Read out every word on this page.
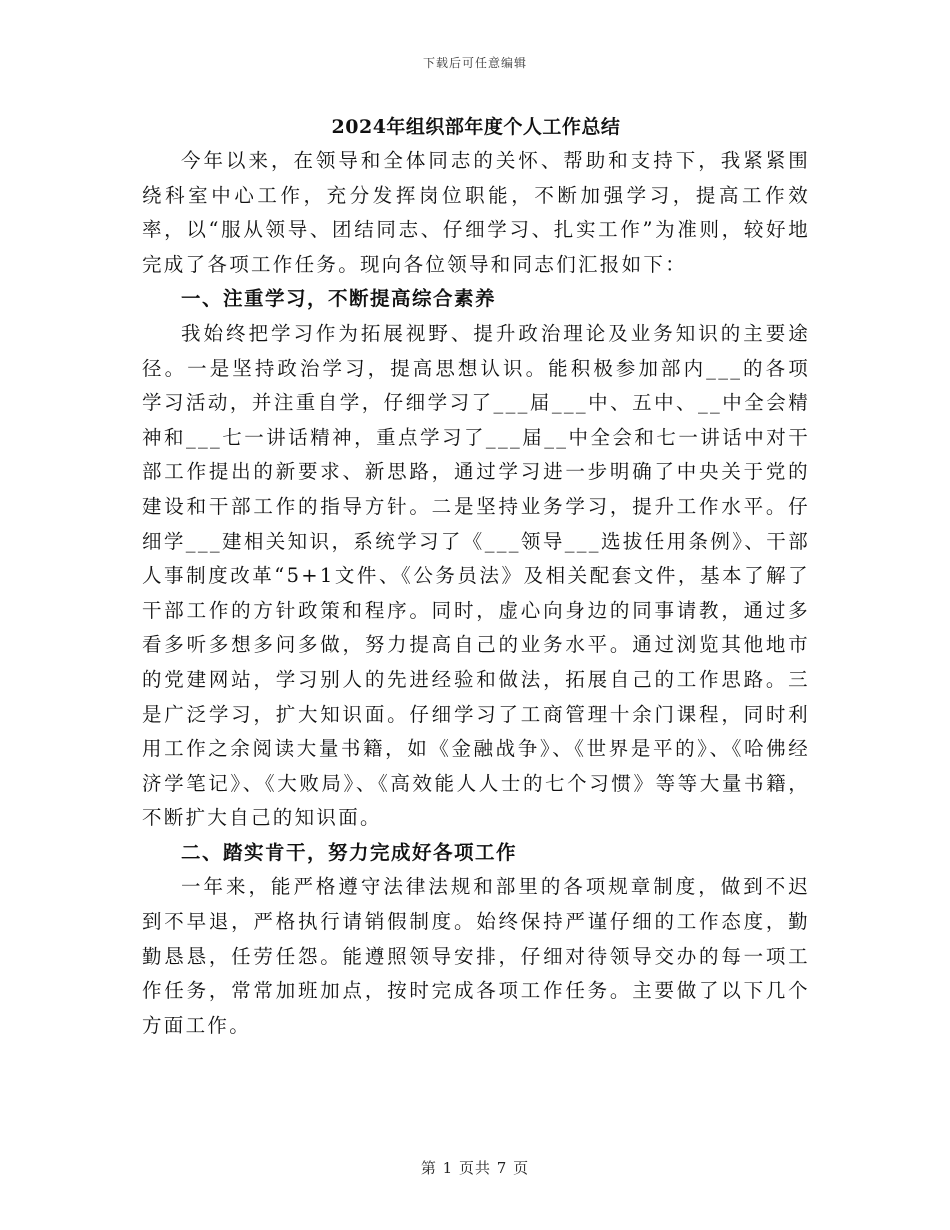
下载后可任意编辑
2024年组织部年度个人工作总结

今年以来，在领导和全体同志的关怀、帮助和支持下，我紧紧围绕科室中心工作，充分发挥岗位职能，不断加强学习，提高工作效率，以“服从领导、团结同志、仔细学习、扎实工作”为准则，较好地完成了各项工作任务。现向各位领导和同志们汇报如下：

一、注重学习，不断提高综合素养

我始终把学习作为拓展视野、提升政治理论及业务知识的主要途径。一是坚持政治学习，提高思想认识。能积极参加部内___的各项学习活动，并注重自学，仔细学习了___届___中、五中、__中全会精神和___七一讲话精神，重点学习了___届__中全会和七一讲话中对干部工作提出的新要求、新思路，通过学习进一步明确了中央关于党的建设和干部工作的指导方针。二是坚持业务学习，提升工作水平。仔细学___建相关知识，系统学习了《___领导___选拔任用条例》、干部人事制度改革“5+1文件、《公务员法》及相关配套文件，基本了解了干部工作的方针政策和程序。同时，虚心向身边的同事请教，通过多看多听多想多问多做，努力提高自己的业务水平。通过浏览其他地市的党建网站，学习别人的先进经验和做法，拓展自己的工作思路。三是广泛学习，扩大知识面。仔细学习了工商管理十余门课程，同时利用工作之余阅读大量书籍，如《金融战争》、《世界是平的》、《哈佛经济学笔记》、《大败局》、《高效能人人士的七个习惯》等等大量书籍，不断扩大自己的知识面。

二、踏实肯干，努力完成好各项工作

一年来，能严格遵守法律法规和部里的各项规章制度，做到不迟到不早退，严格执行请销假制度。始终保持严谨仔细的工作态度，勤勤恳恳，任劳任怨。能遵照领导安排，仔细对待领导交办的每一项工作任务，常常加班加点，按时完成各项工作任务。主要做了以下几个方面工作。

第 1 页共 7 页
